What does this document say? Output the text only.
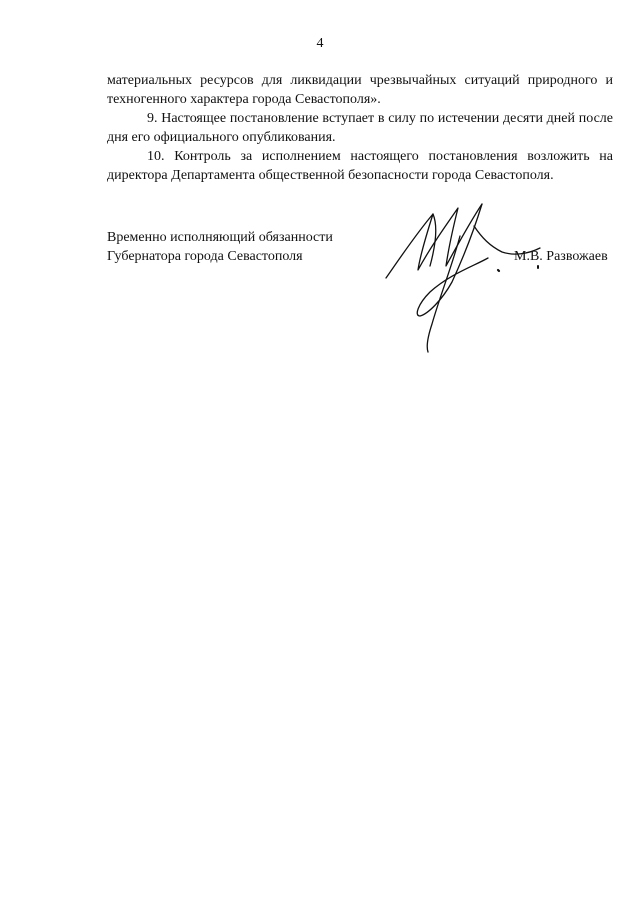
4

материальных ресурсов для ликвидации чрезвычайных ситуаций природного и техногенного характера города Севастополя».

9. Настоящее постановление вступает в силу по истечении десяти дней после дня его официального опубликования.

10. Контроль за исполнением настоящего постановления возложить на директора Департамента общественной безопасности города Севастополя.

Временно исполняющий обязанности
Губернатора города Севастополя	М.В. Развожаев
